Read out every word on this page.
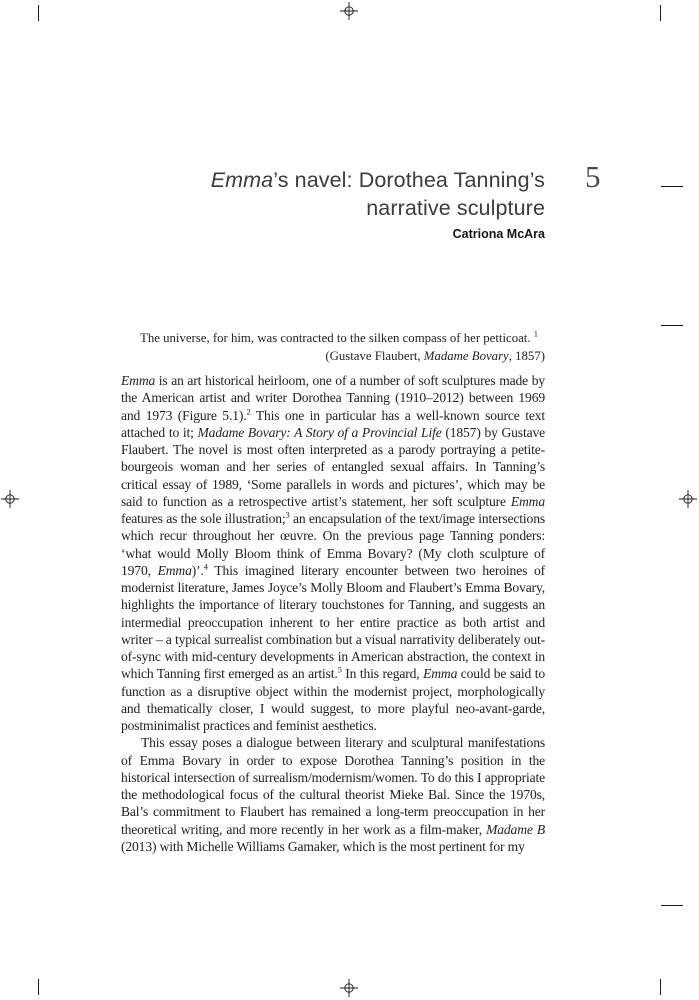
Emma’s navel: Dorothea Tanning’s
narrative sculpture
5
Catriona McAra
The universe, for him, was contracted to the silken compass of her petticoat. $^1$
(Gustave Flaubert, Madame Bovary, 1857)

Emma is an art historical heirloom, one of a number of soft sculptures made by the American artist and writer Dorothea Tanning (1910–2012) between 1969 and 1973 (Figure 5.1).$^2$ This one in particular has a well-known source text attached to it; Madame Bovary: A Story of a Provincial Life (1857) by Gustave Flaubert. The novel is most often interpreted as a parody portraying a petite-bourgeois woman and her series of entangled sexual affairs. In Tanning’s critical essay of 1989, ‘Some parallels in words and pictures’, which may be said to function as a retrospective artist’s statement, her soft sculpture Emma features as the sole illustration;$^3$ an encapsulation of the text/image intersections which recur throughout her œuvre. On the previous page Tanning ponders: ‘what would Molly Bloom think of Emma Bovary? (My cloth sculpture of 1970, Emma)’.$^4$ This imagined literary encounter between two heroines of modernist literature, James Joyce’s Molly Bloom and Flaubert’s Emma Bovary, highlights the importance of literary touchstones for Tanning, and suggests an intermedial preoccupation inherent to her entire practice as both artist and writer – a typical surrealist combination but a visual narrativity deliberately out-of-sync with mid-century developments in American abstraction, the context in which Tanning first emerged as an artist.$^5$ In this regard, Emma could be said to function as a disruptive object within the modernist project, morphologically and thematically closer, I would suggest, to more playful neo-avant-garde, postminimalist practices and feminist aesthetics.

This essay poses a dialogue between literary and sculptural manifestations of Emma Bovary in order to expose Dorothea Tanning’s position in the historical intersection of surrealism/modernism/women. To do this I appropriate the methodological focus of the cultural theorist Mieke Bal. Since the 1970s, Bal’s commitment to Flaubert has remained a long-term preoccupation in her theoretical writing, and more recently in her work as a film-maker, Madame B (2013) with Michelle Williams Gamaker, which is the most pertinent for my
